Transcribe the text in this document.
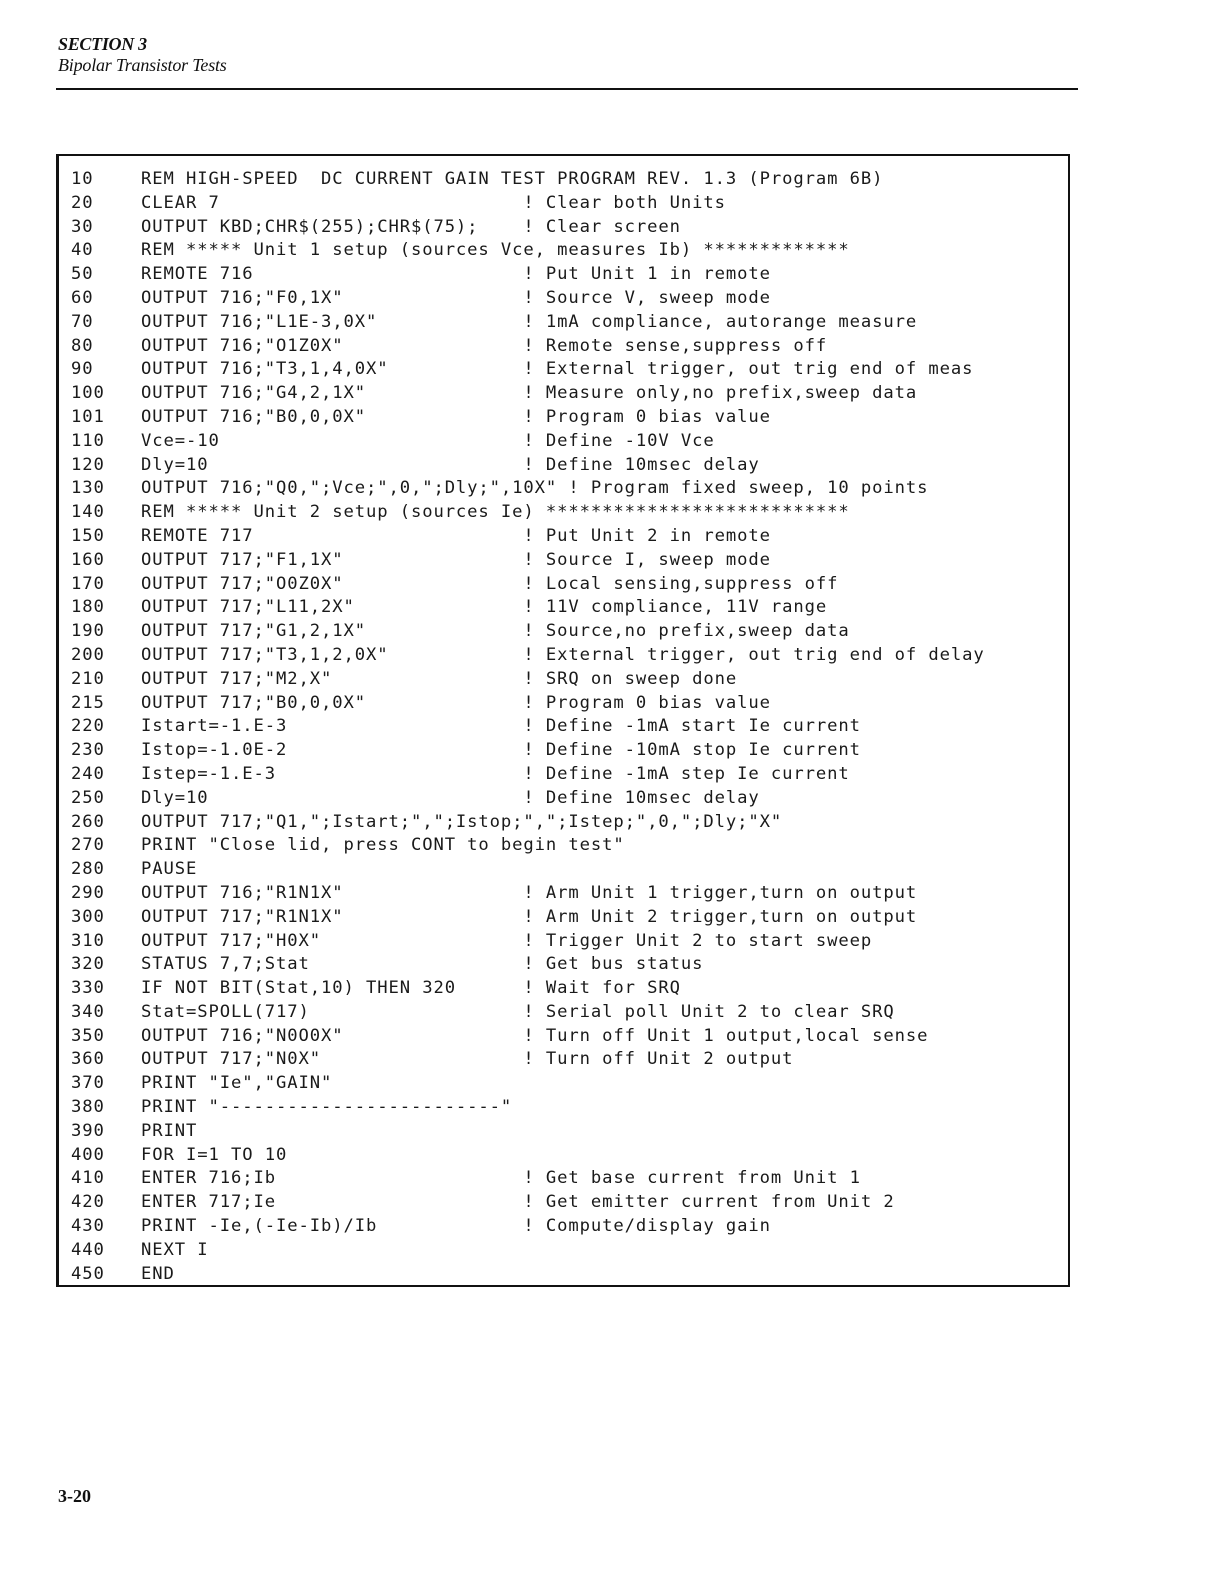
SECTION 3
Bipolar Transistor Tests
10	REM HIGH-SPEED  DC CURRENT GAIN TEST PROGRAM REV. 1.3 (Program 6B)
20	CLEAR 7                           ! Clear both Units
30	OUTPUT KBD;CHR$(255);CHR$(75);    ! Clear screen
40	REM ***** Unit 1 setup (sources Vce, measures Ib) *************
50	REMOTE 716                        ! Put Unit 1 in remote
60	OUTPUT 716;"F0,1X"                ! Source V, sweep mode
70	OUTPUT 716;"L1E-3,0X"             ! 1mA compliance, autorange measure
80	OUTPUT 716;"O1Z0X"                ! Remote sense,suppress off
90	OUTPUT 716;"T3,1,4,0X"            ! External trigger, out trig end of meas
100	OUTPUT 716;"G4,2,1X"              ! Measure only,no prefix,sweep data
101	OUTPUT 716;"B0,0,0X"              ! Program 0 bias value
110	Vce=-10                           ! Define -10V Vce
120	Dly=10                            ! Define 10msec delay
130	OUTPUT 716;"Q0,";Vce;",0,";Dly;",10X" ! Program fixed sweep, 10 points
140	REM ***** Unit 2 setup (sources Ie) ***************************
150	REMOTE 717                        ! Put Unit 2 in remote
160	OUTPUT 717;"F1,1X"                ! Source I, sweep mode
170	OUTPUT 717;"O0Z0X"                ! Local sensing,suppress off
180	OUTPUT 717;"L11,2X"               ! 11V compliance, 11V range
190	OUTPUT 717;"G1,2,1X"              ! Source,no prefix,sweep data
200	OUTPUT 717;"T3,1,2,0X"            ! External trigger, out trig end of delay
210	OUTPUT 717;"M2,X"                 ! SRQ on sweep done
215	OUTPUT 717;"B0,0,0X"              ! Program 0 bias value
220	Istart=-1.E-3                     ! Define -1mA start Ie current
230	Istop=-1.0E-2                     ! Define -10mA stop Ie current
240	Istep=-1.E-3                      ! Define -1mA step Ie current
250	Dly=10                            ! Define 10msec delay
260	OUTPUT 717;"Q1,";Istart;",";Istop;",";Istep;",0,";Dly;"X"
270	PRINT "Close lid, press CONT to begin test"
280	PAUSE
290	OUTPUT 716;"R1N1X"                ! Arm Unit 1 trigger,turn on output
300	OUTPUT 717;"R1N1X"                ! Arm Unit 2 trigger,turn on output
310	OUTPUT 717;"H0X"                  ! Trigger Unit 2 to start sweep
320	STATUS 7,7;Stat                   ! Get bus status
330	IF NOT BIT(Stat,10) THEN 320      ! Wait for SRQ
340	Stat=SPOLL(717)                   ! Serial poll Unit 2 to clear SRQ
350	OUTPUT 716;"N0O0X"                ! Turn off Unit 1 output,local sense
360	OUTPUT 717;"N0X"                  ! Turn off Unit 2 output
370	PRINT "Ie","GAIN"
380	PRINT "-------------------------"
390	PRINT
400	FOR I=1 TO 10
410	ENTER 716;Ib                      ! Get base current from Unit 1
420	ENTER 717;Ie                      ! Get emitter current from Unit 2
430	PRINT -Ie,(-Ie-Ib)/Ib             ! Compute/display gain
440	NEXT I
450	END
3-20
